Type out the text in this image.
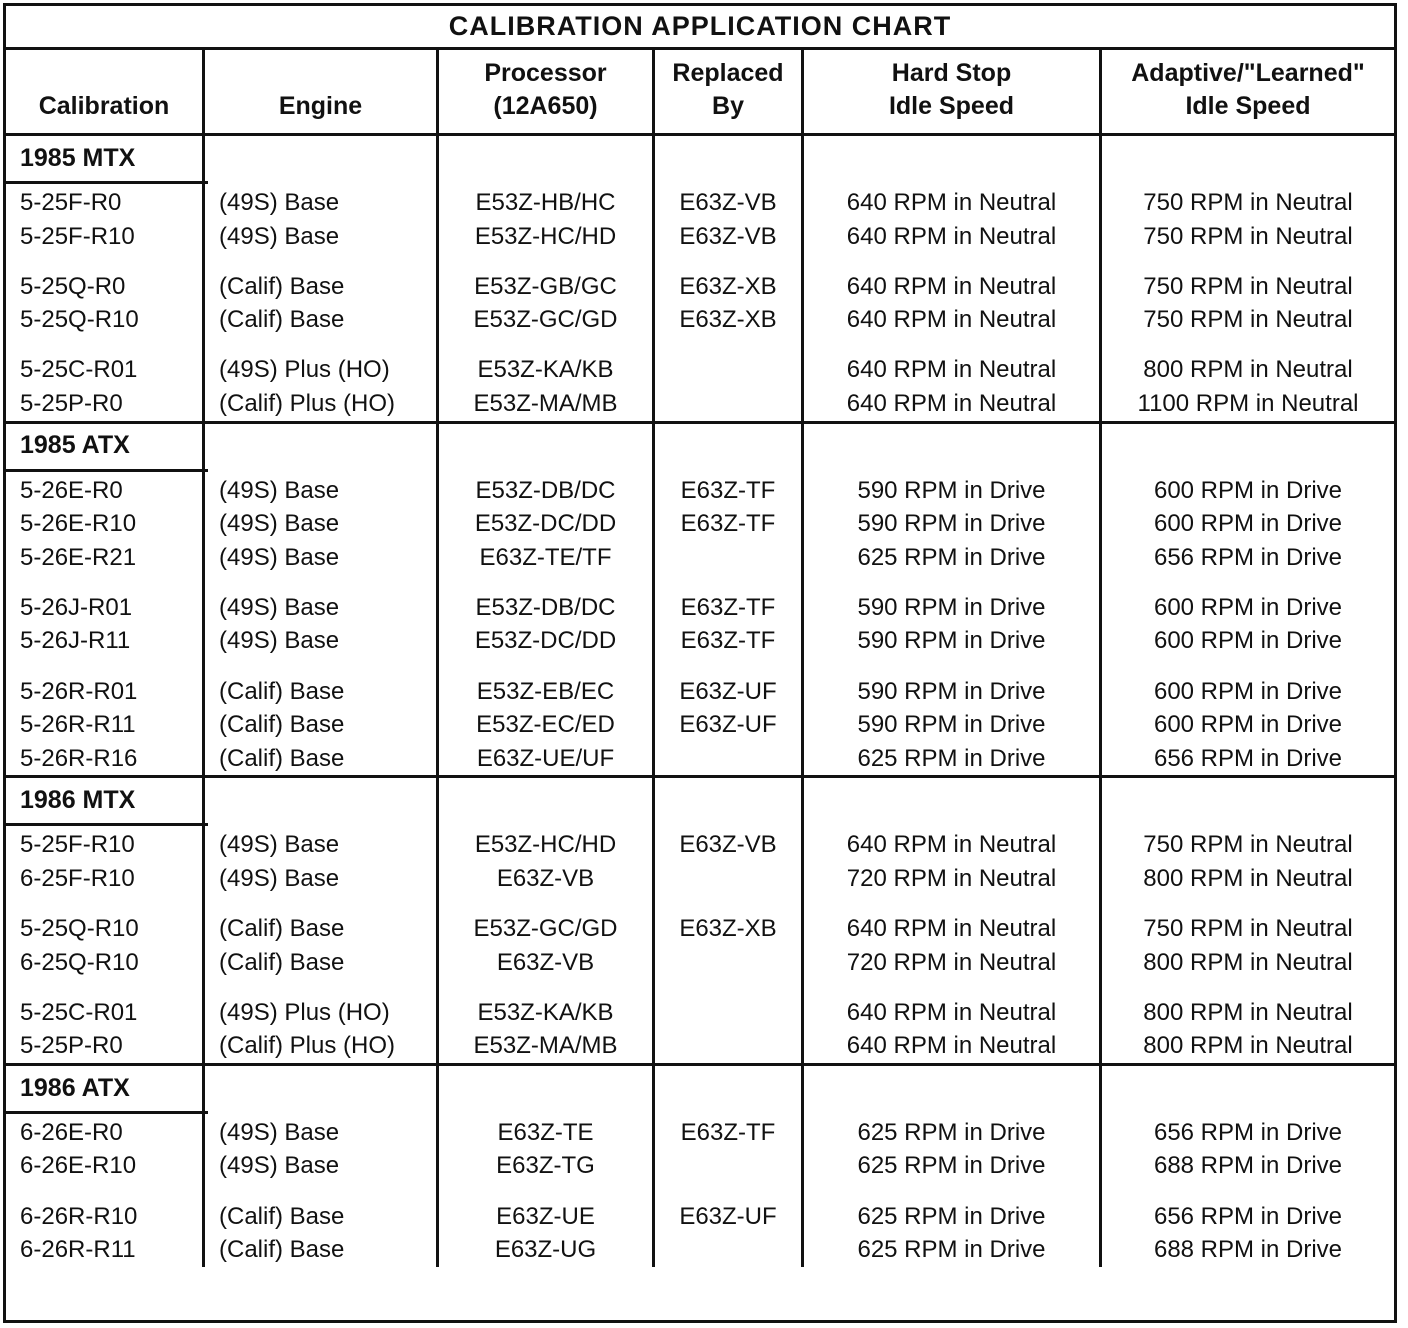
CALIBRATION APPLICATION CHART
Calibration	Engine
Processor
(12A650)
Replaced
By
Hard Stop
Idle Speed
Adaptive/"Learned"
Idle Speed
1985 MTX
5-25F-R0
5-25F-R10
5-25Q-R0
5-25Q-R10
5-25C-R01
5-25P-R0
(49S) Base
(49S) Base
(Calif) Base
(Calif) Base
(49S) Plus (HO)
(Calif) Plus (HO)
E53Z-HB/HC
E53Z-HC/HD
E53Z-GB/GC
E53Z-GC/GD
E53Z-KA/KB
E53Z-MA/MB
E63Z-VB
E63Z-VB
E63Z-XB
E63Z-XB
640 RPM in Neutral
640 RPM in Neutral
640 RPM in Neutral
640 RPM in Neutral
640 RPM in Neutral
640 RPM in Neutral
750 RPM in Neutral
750 RPM in Neutral
750 RPM in Neutral
750 RPM in Neutral
800 RPM in Neutral
1100 RPM in Neutral
1985 ATX
5-26E-R0
5-26E-R10
5-26E-R21
5-26J-R01
5-26J-R11
5-26R-R01
5-26R-R11
5-26R-R16
(49S) Base
(49S) Base
(49S) Base
(49S) Base
(49S) Base
(Calif) Base
(Calif) Base
(Calif) Base
E53Z-DB/DC
E53Z-DC/DD
E63Z-TE/TF
E53Z-DB/DC
E53Z-DC/DD
E53Z-EB/EC
E53Z-EC/ED
E63Z-UE/UF
E63Z-TF
E63Z-TF
E63Z-TF
E63Z-TF
E63Z-UF
E63Z-UF
590 RPM in Drive
590 RPM in Drive
625 RPM in Drive
590 RPM in Drive
590 RPM in Drive
590 RPM in Drive
590 RPM in Drive
625 RPM in Drive
600 RPM in Drive
600 RPM in Drive
656 RPM in Drive
600 RPM in Drive
600 RPM in Drive
600 RPM in Drive
600 RPM in Drive
656 RPM in Drive
1986 MTX
5-25F-R10
6-25F-R10
5-25Q-R10
6-25Q-R10
5-25C-R01
5-25P-R0
(49S) Base
(49S) Base
(Calif) Base
(Calif) Base
(49S) Plus (HO)
(Calif) Plus (HO)
E53Z-HC/HD
E63Z-VB
E53Z-GC/GD
E63Z-VB
E53Z-KA/KB
E53Z-MA/MB
E63Z-VB
E63Z-XB
640 RPM in Neutral
720 RPM in Neutral
640 RPM in Neutral
720 RPM in Neutral
640 RPM in Neutral
640 RPM in Neutral
750 RPM in Neutral
800 RPM in Neutral
750 RPM in Neutral
800 RPM in Neutral
800 RPM in Neutral
800 RPM in Neutral
1986 ATX
6-26E-R0
6-26E-R10
6-26R-R10
6-26R-R11
(49S) Base
(49S) Base
(Calif) Base
(Calif) Base
E63Z-TE
E63Z-TG
E63Z-UE
E63Z-UG
E63Z-TF
E63Z-UF
625 RPM in Drive
625 RPM in Drive
625 RPM in Drive
625 RPM in Drive
656 RPM in Drive
688 RPM in Drive
656 RPM in Drive
688 RPM in Drive
